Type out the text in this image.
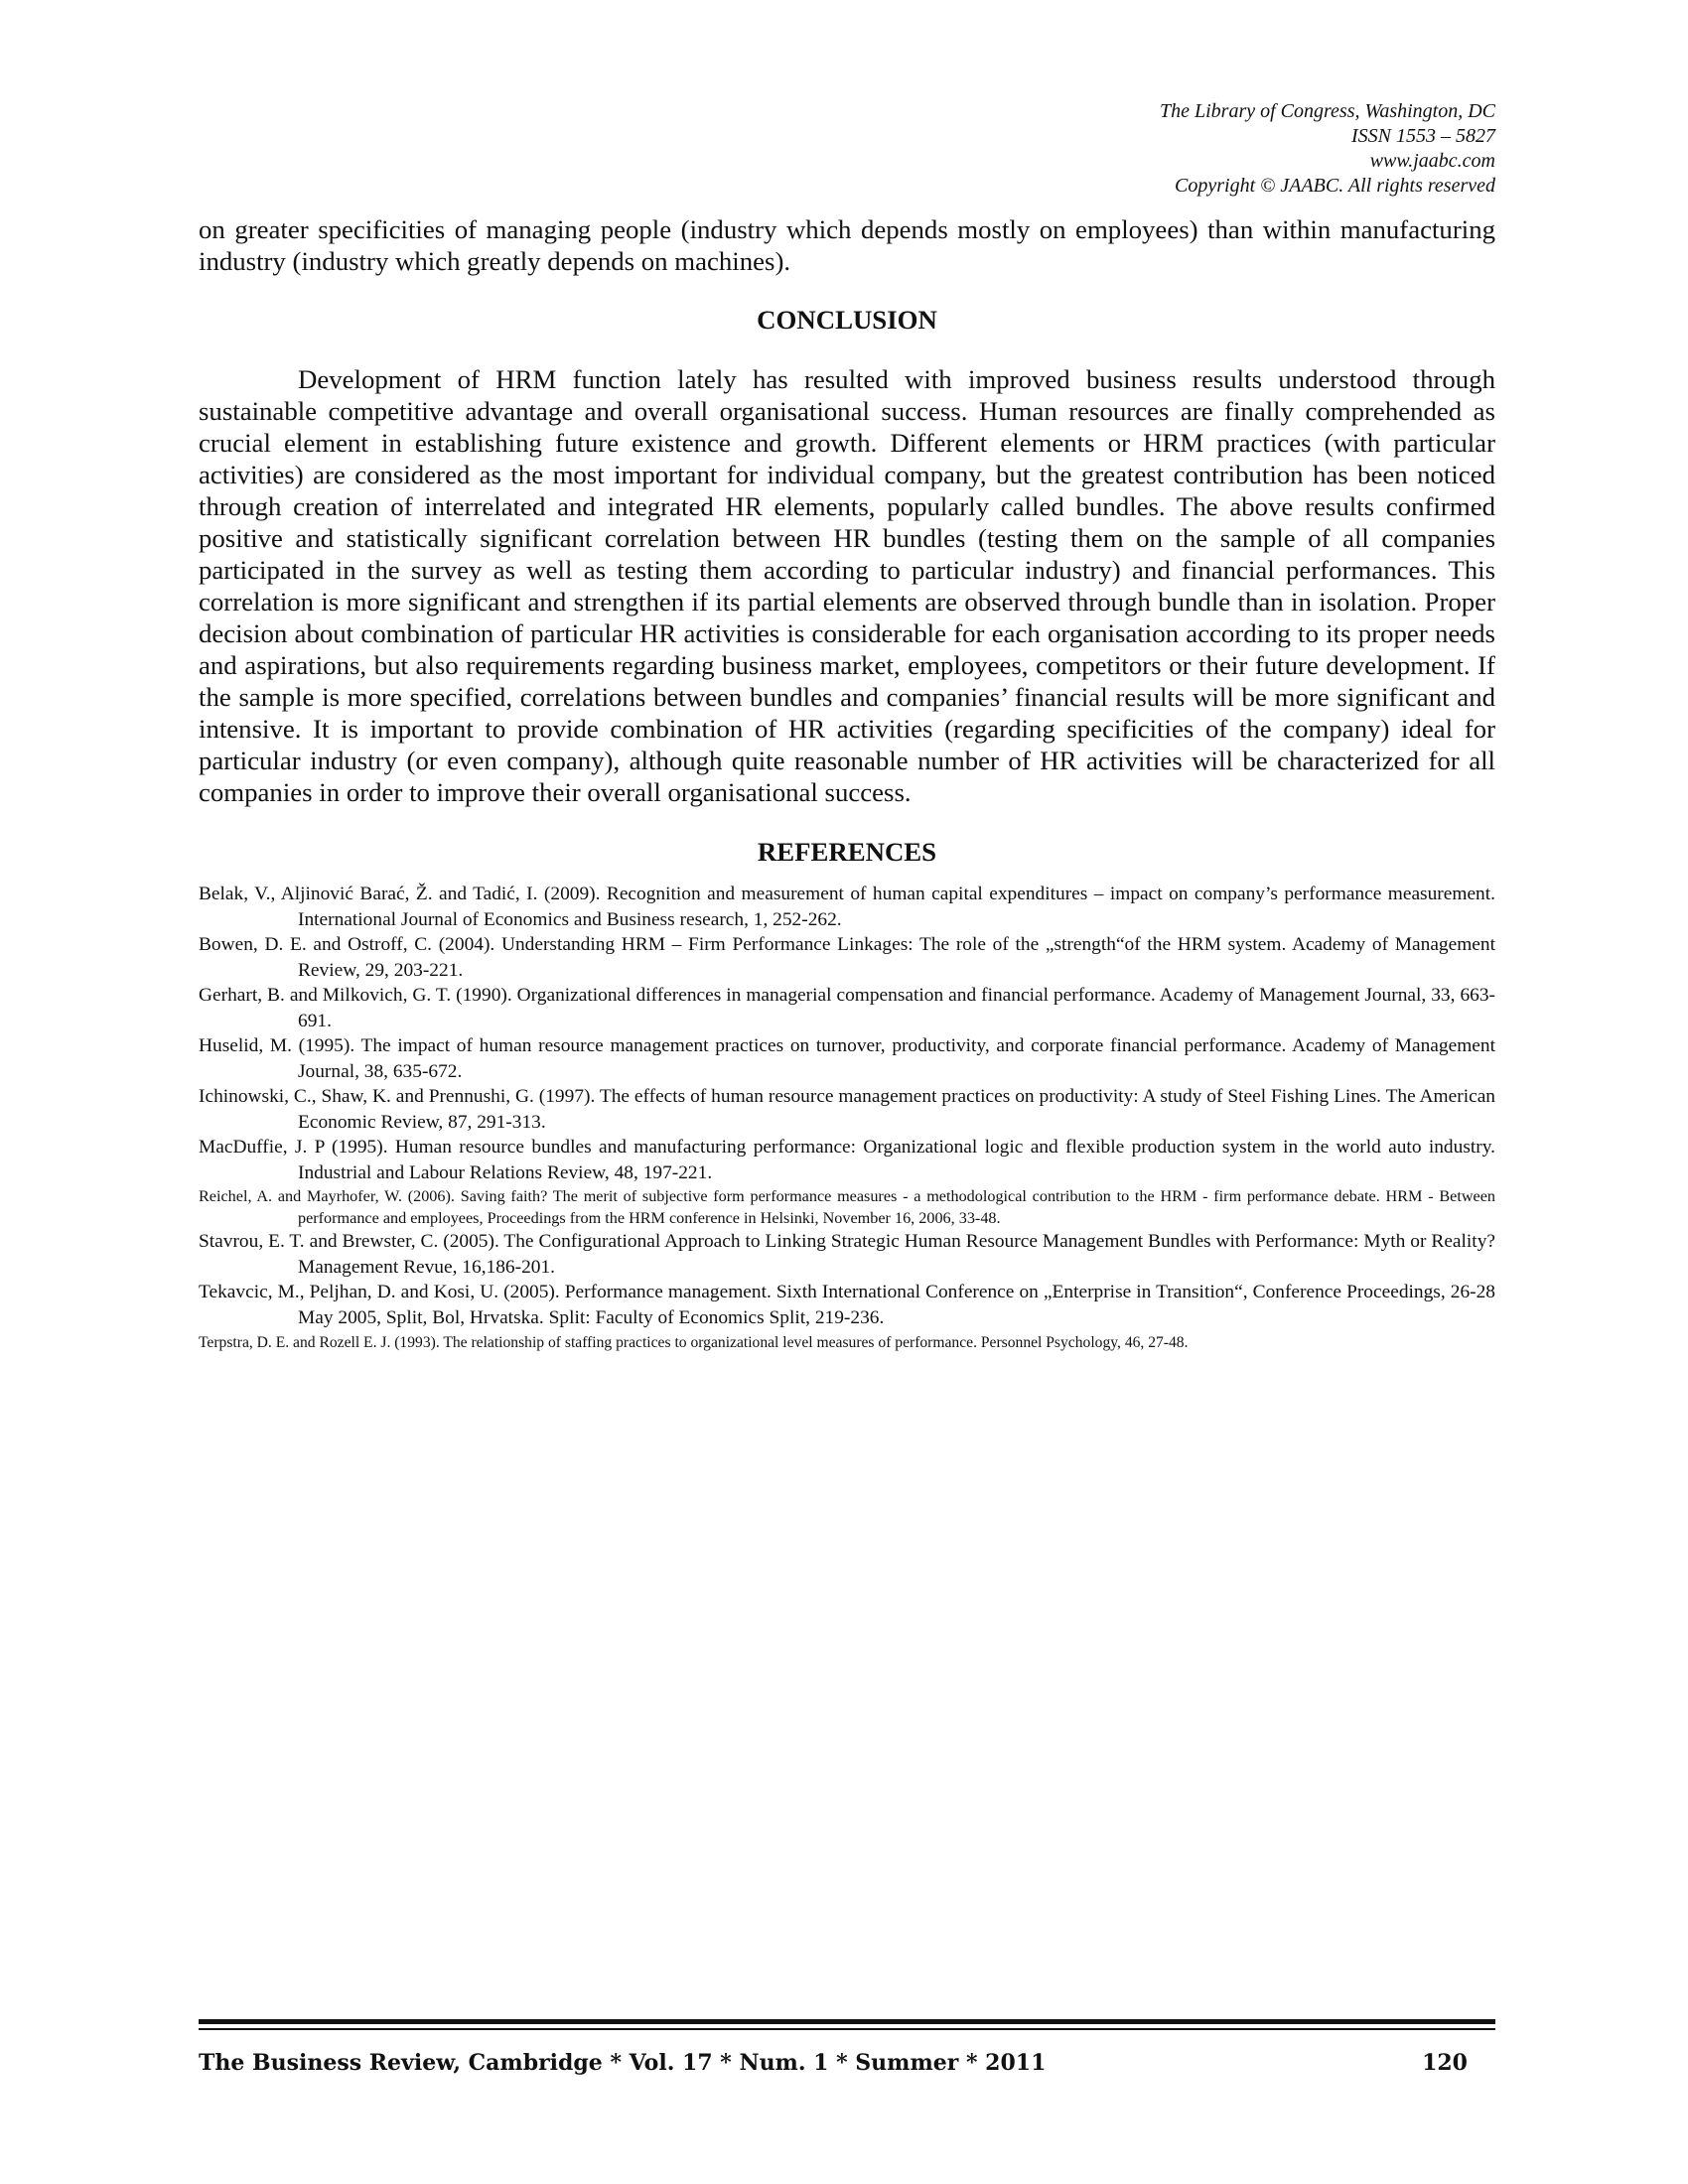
The Library of Congress, Washington, DC
ISSN 1553 – 5827
www.jaabc.com
Copyright © JAABC. All rights reserved

on greater specificities of managing people (industry which depends mostly on employees) than within manufacturing industry (industry which greatly depends on machines).

CONCLUSION

Development of HRM function lately has resulted with improved business results understood through sustainable competitive advantage and overall organisational success. Human resources are finally comprehended as crucial element in establishing future existence and growth. Different elements or HRM practices (with particular activities) are considered as the most important for individual company, but the greatest contribution has been noticed through creation of interrelated and integrated HR elements, popularly called bundles. The above results confirmed positive and statistically significant correlation between HR bundles (testing them on the sample of all companies participated in the survey as well as testing them according to particular industry) and financial performances. This correlation is more significant and strengthen if its partial elements are observed through bundle than in isolation. Proper decision about combination of particular HR activities is considerable for each organisation according to its proper needs and aspirations, but also requirements regarding business market, employees, competitors or their future development. If the sample is more specified, correlations between bundles and companies’ financial results will be more significant and intensive. It is important to provide combination of HR activities (regarding specificities of the company) ideal for particular industry (or even company), although quite reasonable number of HR activities will be characterized for all companies in order to improve their overall organisational success.

REFERENCES
Belak, V., Aljinović Barać, Ž. and Tadić, I. (2009). Recognition and measurement of human capital expenditures – impact on company’s performance measurement. International Journal of Economics and Business research, 1, 252-262.
Bowen, D. E. and Ostroff, C. (2004). Understanding HRM – Firm Performance Linkages: The role of the „strength“of the HRM system. Academy of Management Review, 29, 203-221.
Gerhart, B. and Milkovich, G. T. (1990). Organizational differences in managerial compensation and financial performance. Academy of Management Journal, 33, 663-691.
Huselid, M. (1995). The impact of human resource management practices on turnover, productivity, and corporate financial performance. Academy of Management Journal, 38, 635-672.
Ichinowski, C., Shaw, K. and Prennushi, G. (1997). The effects of human resource management practices on productivity: A study of Steel Fishing Lines. The American Economic Review, 87, 291-313.
MacDuffie, J. P (1995). Human resource bundles and manufacturing performance: Organizational logic and flexible production system in the world auto industry. Industrial and Labour Relations Review, 48, 197-221.
Reichel, A. and Mayrhofer, W. (2006). Saving faith? The merit of subjective form performance measures - a methodological contribution to the HRM - firm performance debate. HRM - Between performance and employees, Proceedings from the HRM conference in Helsinki, November 16, 2006, 33-48.
Stavrou, E. T. and Brewster, C. (2005). The Configurational Approach to Linking Strategic Human Resource Management Bundles with Performance: Myth or Reality? Management Revue, 16,186-201.
Tekavcic, M., Peljhan, D. and Kosi, U. (2005). Performance management. Sixth International Conference on „Enterprise in Transition“, Conference Proceedings, 26-28 May 2005, Split, Bol, Hrvatska. Split: Faculty of Economics Split, 219-236.
Terpstra, D. E. and Rozell E. J. (1993). The relationship of staffing practices to organizational level measures of performance. Personnel Psychology, 46, 27-48.
The Business Review, Cambridge * Vol. 17 * Num. 1 * Summer * 2011	120
